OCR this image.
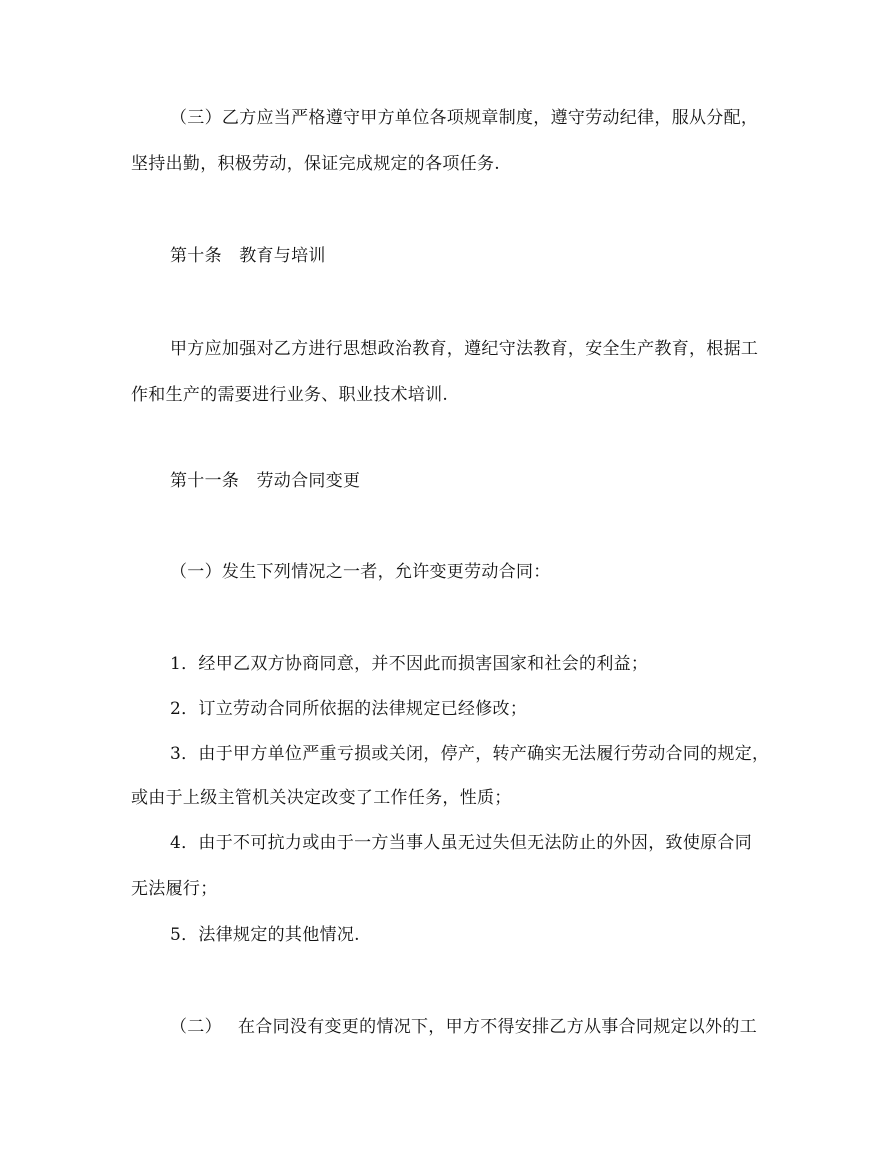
（三）乙方应当严格遵守甲方单位各项规章制度，遵守劳动纪律，服从分配，
坚持出勤，积极劳动，保证完成规定的各项任务.
第十条　教育与培训
甲方应加强对乙方进行思想政治教育，遵纪守法教育，安全生产教育，根据工
作和生产的需要进行业务、职业技术培训.
第十一条　劳动合同变更
（一）发生下列情况之一者，允许变更劳动合同：
1．经甲乙双方协商同意，并不因此而损害国家和社会的利益；
2．订立劳动合同所依据的法律规定已经修改；
3．由于甲方单位严重亏损或关闭，停产，转产确实无法履行劳动合同的规定，
或由于上级主管机关决定改变了工作任务，性质；
4．由于不可抗力或由于一方当事人虽无过失但无法防止的外因，致使原合同
无法履行；
5．法律规定的其他情况.
（二） 在合同没有变更的情况下，甲方不得安排乙方从事合同规定以外的工
